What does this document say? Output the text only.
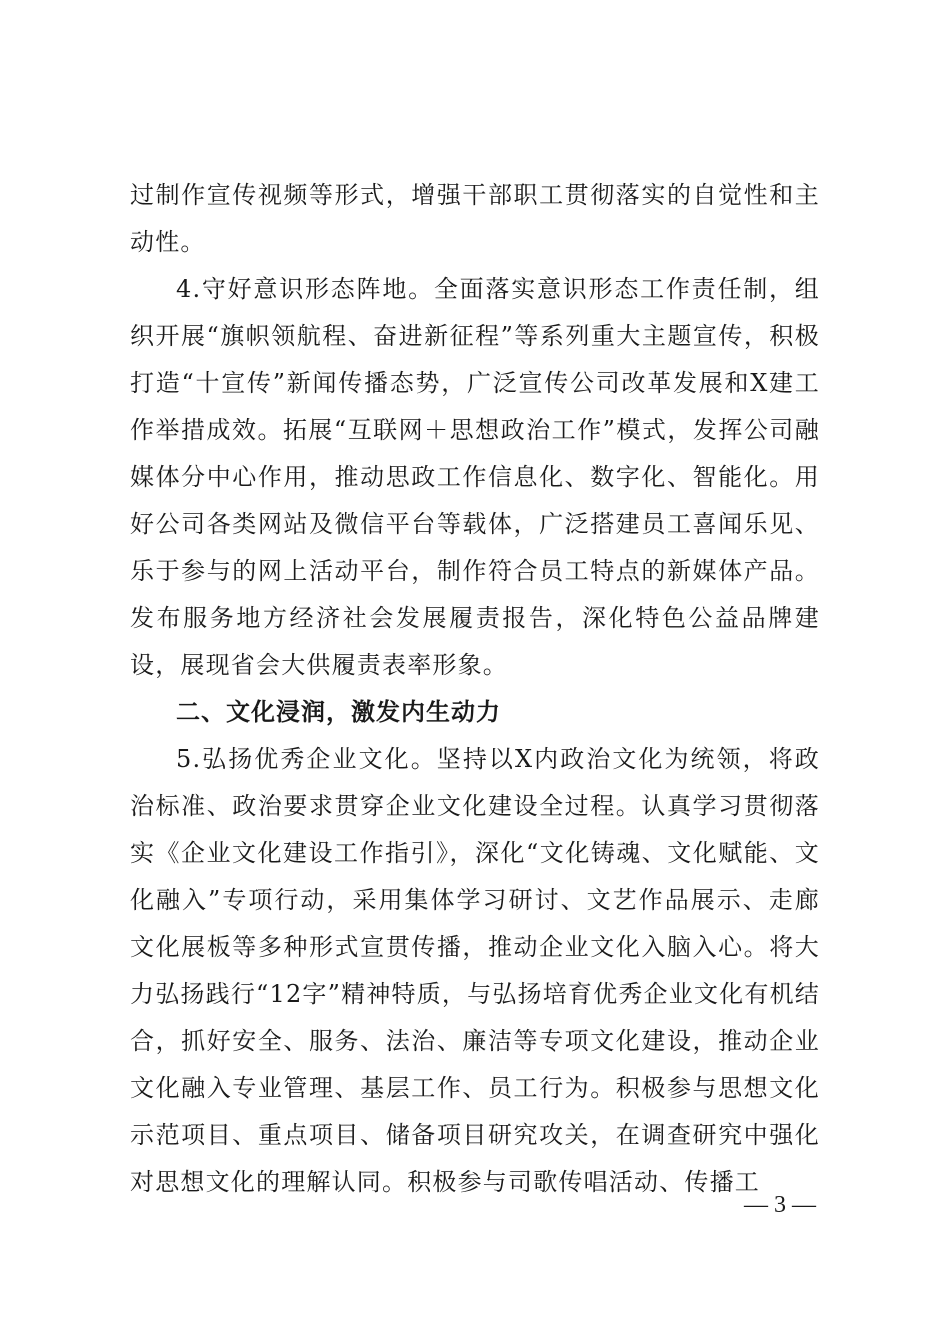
过制作宣传视频等形式，增强干部职工贯彻落实的自觉性和主动性。

4.守好意识形态阵地。全面落实意识形态工作责任制，组织开展“旗帜领航程、奋进新征程”等系列重大主题宣传，积极打造“十宣传”新闻传播态势，广泛宣传公司改革发展和X建工作举措成效。拓展“互联网＋思想政治工作”模式，发挥公司融媒体分中心作用，推动思政工作信息化、数字化、智能化。用好公司各类网站及微信平台等载体，广泛搭建员工喜闻乐见、乐于参与的网上活动平台，制作符合员工特点的新媒体产品。发布服务地方经济社会发展履责报告，深化特色公益品牌建设，展现省会大供履责表率形象。

二、文化浸润，激发内生动力

5.弘扬优秀企业文化。坚持以X内政治文化为统领，将政治标准、政治要求贯穿企业文化建设全过程。认真学习贯彻落实《企业文化建设工作指引》，深化“文化铸魂、文化赋能、文化融入”专项行动，采用集体学习研讨、文艺作品展示、走廊文化展板等多种形式宣贯传播，推动企业文化入脑入心。将大力弘扬践行“12字”精神特质，与弘扬培育优秀企业文化有机结合，抓好安全、服务、法治、廉洁等专项文化建设，推动企业文化融入专业管理、基层工作、员工行为。积极参与思想文化示范项目、重点项目、储备项目研究攻关，在调查研究中强化对思想文化的理解认同。积极参与司歌传唱活动、传播工

— 3 —
